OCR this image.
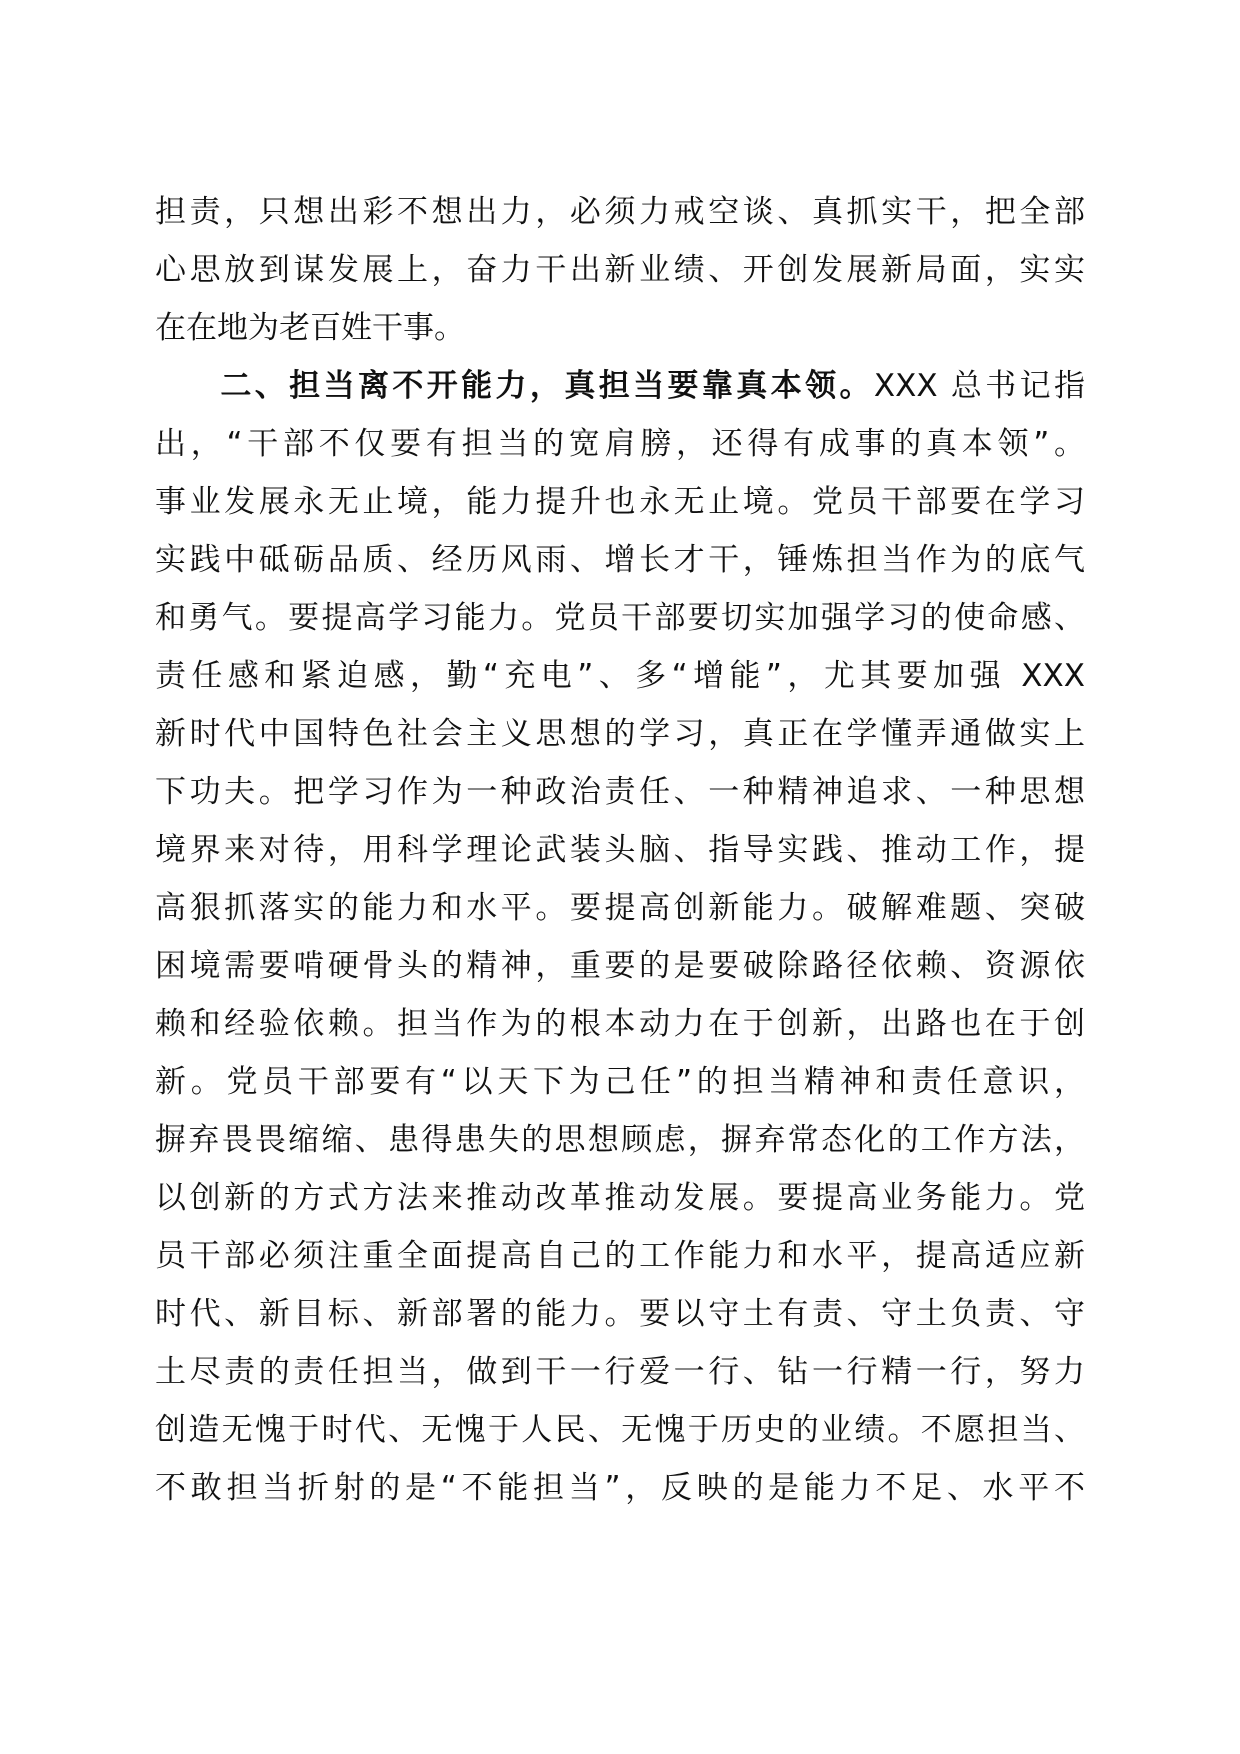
担责，只想出彩不想出力，必须力戒空谈、真抓实干，把全部
心思放到谋发展上，奋力干出新业绩、开创发展新局面，实实
在在地为老百姓干事。
二、担当离不开能力，真担当要靠真本领。XXX 总书记指
出，“干部不仅要有担当的宽肩膀，还得有成事的真本领”。
事业发展永无止境，能力提升也永无止境。党员干部要在学习
实践中砥砺品质、经历风雨、增长才干，锤炼担当作为的底气
和勇气。要提高学习能力。党员干部要切实加强学习的使命感、
责任感和紧迫感，勤“充电”、多“增能”，尤其要加强 XXX
新时代中国特色社会主义思想的学习，真正在学懂弄通做实上
下功夫。把学习作为一种政治责任、一种精神追求、一种思想
境界来对待，用科学理论武装头脑、指导实践、推动工作，提
高狠抓落实的能力和水平。要提高创新能力。破解难题、突破
困境需要啃硬骨头的精神，重要的是要破除路径依赖、资源依
赖和经验依赖。担当作为的根本动力在于创新，出路也在于创
新。党员干部要有“以天下为己任”的担当精神和责任意识，
摒弃畏畏缩缩、患得患失的思想顾虑，摒弃常态化的工作方法，
以创新的方式方法来推动改革推动发展。要提高业务能力。党
员干部必须注重全面提高自己的工作能力和水平，提高适应新
时代、新目标、新部署的能力。要以守土有责、守土负责、守
土尽责的责任担当，做到干一行爱一行、钻一行精一行，努力
创造无愧于时代、无愧于人民、无愧于历史的业绩。不愿担当、
不敢担当折射的是“不能担当”，反映的是能力不足、水平不
